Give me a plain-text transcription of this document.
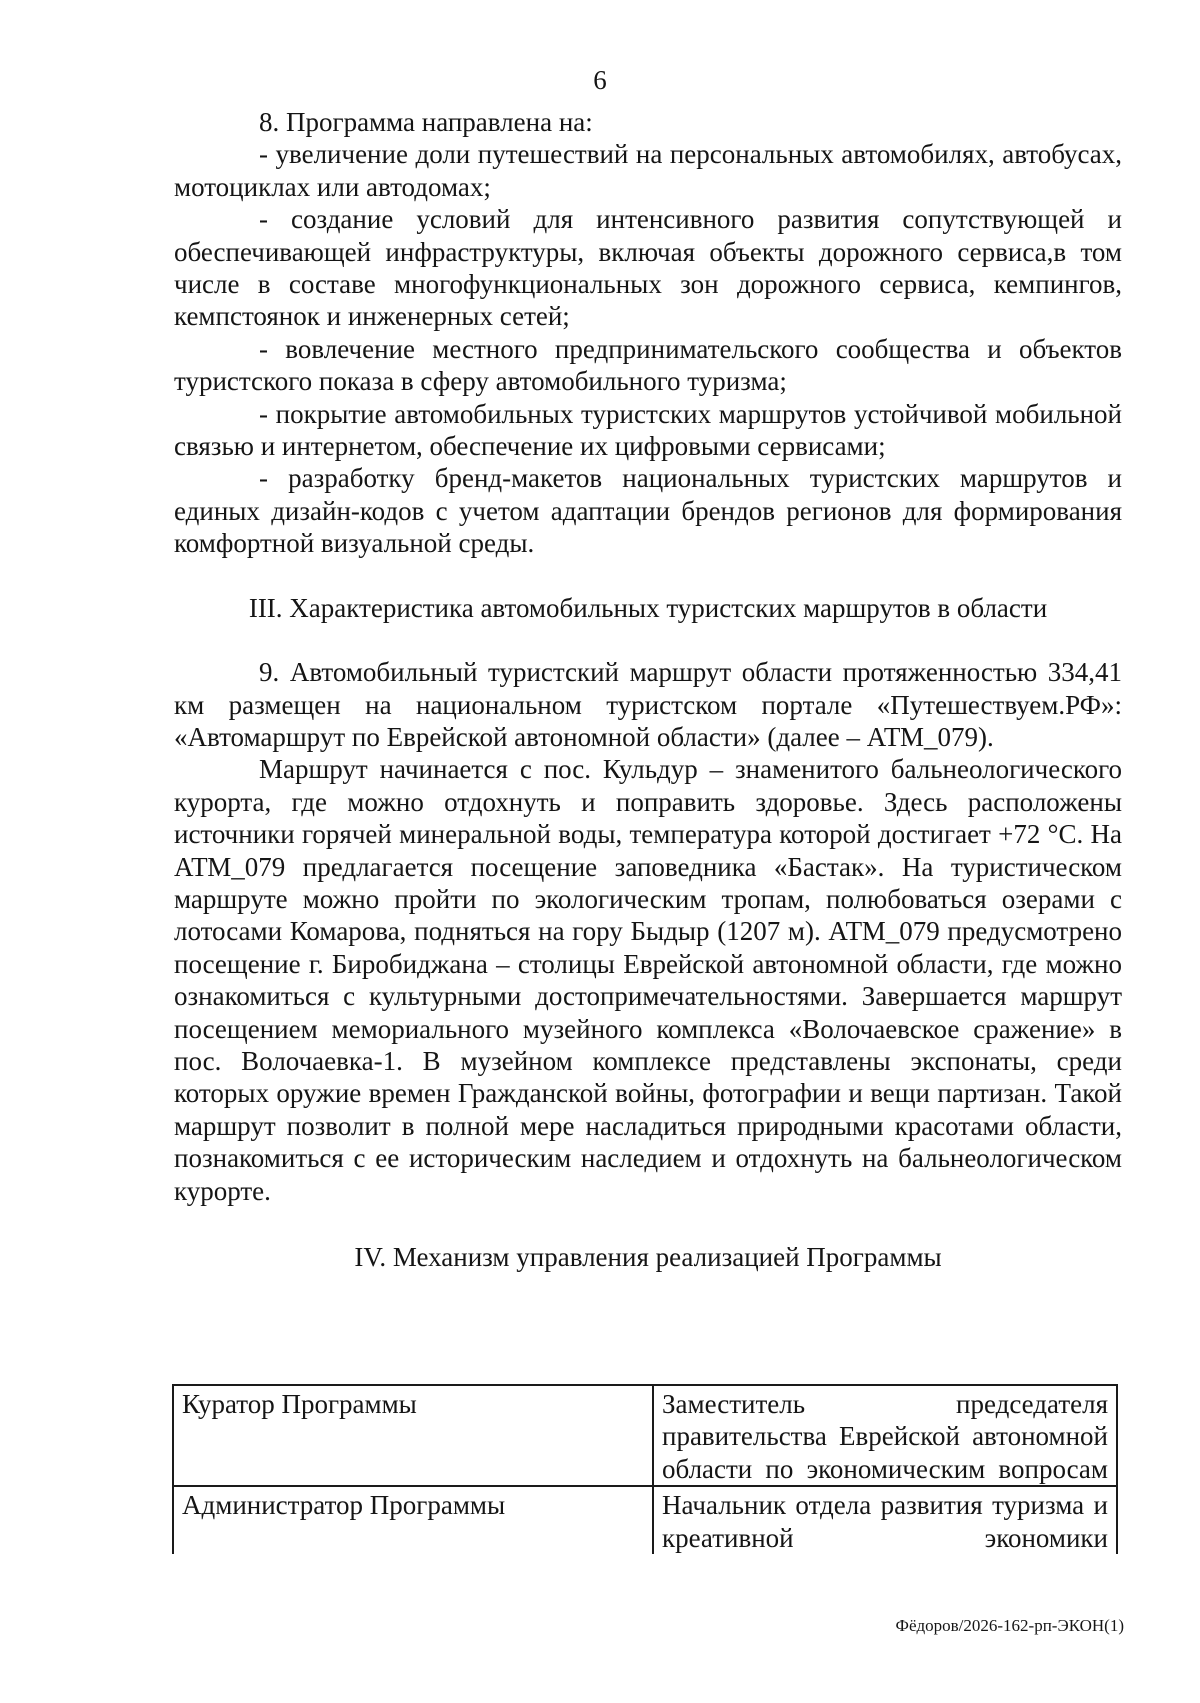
6

8. Программа направлена на:

- увеличение доли путешествий на персональных автомобилях, автобусах, мотоциклах или автодомах;

- создание условий для интенсивного развития сопутствующей и обеспечивающей инфраструктуры, включая объекты дорожного сервиса,в том числе в составе многофункциональных зон дорожного сервиса, кемпингов, кемпстоянок и инженерных сетей;

- вовлечение местного предпринимательского сообщества и объектов туристского показа в сферу автомобильного туризма;

- покрытие автомобильных туристских маршрутов устойчивой мобильной связью и интернетом, обеспечение их цифровыми сервисами;

- разработку бренд-макетов национальных туристских маршрутов и единых дизайн-кодов с учетом адаптации брендов регионов для формирования комфортной визуальной среды.

III. Характеристика автомобильных туристских маршрутов в области

9. Автомобильный туристский маршрут области протяженностью 334,41 км размещен на национальном туристском портале «Путешествуем.РФ»: «Автомаршрут по Еврейской автономной области» (далее – АТМ_079).

Маршрут начинается с пос. Кульдур – знаменитого бальнеологического курорта, где можно отдохнуть и поправить здоровье. Здесь расположены источники горячей минеральной воды, температура которой достигает +72 °С. На АТМ_079 предлагается посещение заповедника «Бастак». На туристическом маршруте можно пройти по экологическим тропам, полюбоваться озерами с лотосами Комарова, подняться на гору Быдыр (1207 м). АТМ_079 предусмотрено посещение г. Биробиджана – столицы Еврейской автономной области, где можно ознакомиться с культурными достопримечательностями. Завершается маршрут посещением мемориального музейного комплекса «Волочаевское сражение» в пос. Волочаевка-1. В музейном комплексе представлены экспонаты, среди которых оружие времен Гражданской войны, фотографии и вещи партизан. Такой маршрут позволит в полной мере насладиться природными красотами области, познакомиться с ее историческим наследием и отдохнуть на бальнеологическом курорте.

IV. Механизм управления реализацией Программы

Куратор Программы	Заместитель председателя правительства Еврейской автономной области по экономическим вопросам
Администратор Программы	Начальник отдела развития туризма и креативной экономики
Фёдоров/2026-162-рп-ЭКОН(1)
